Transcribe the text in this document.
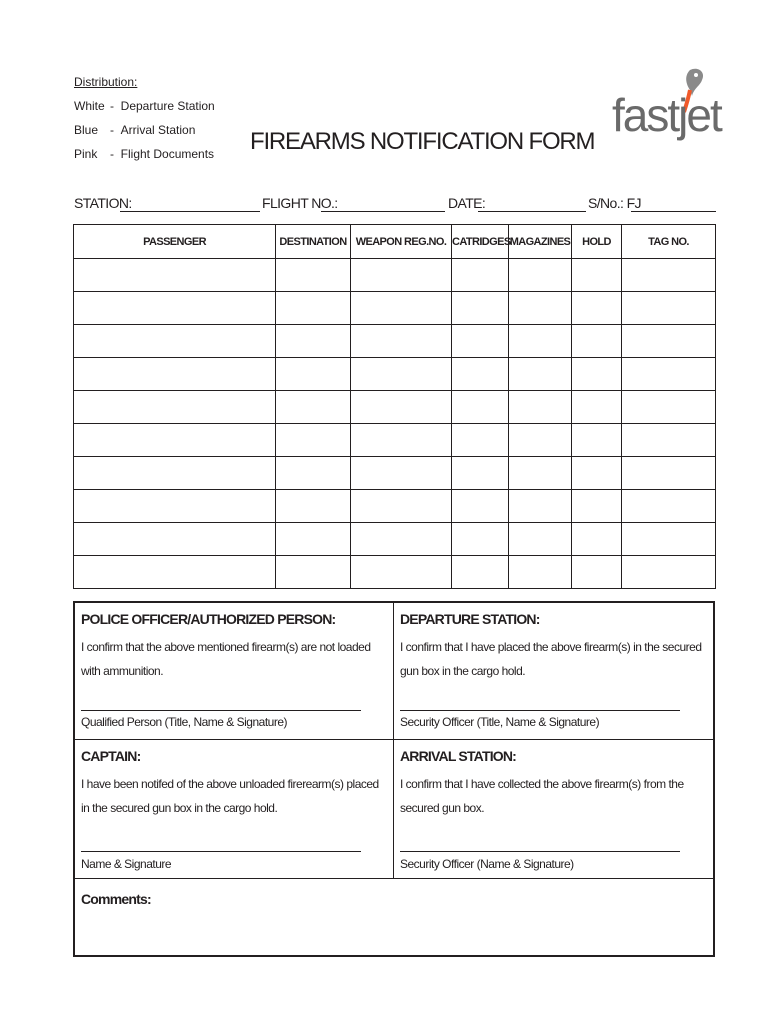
Distribution:
White - Departure Station
Blue - Arrival Station
Pink - Flight Documents FIREARMS NOTIFICATION FORM
fastjet
STATION:	FLIGHT NO.:	DATE:	S/No.: FJ
PASSENGER	DESTINATION	WEAPON REG.NO.	CATRIDGES	MAGAZINES	HOLD	TAG NO.

POLICE OFFICER/AUTHORIZED PERSON:
I confirm that the above mentioned firearm(s) are not loaded with ammunition.
Qualified Person (Title, Name & Signature)
DEPARTURE STATION:
I confirm that I have placed the above firearm(s) in the secured gun box in the cargo hold.
Security Officer (Title, Name & Signature)
CAPTAIN:
I have been notifed of the above unloaded firerearm(s) placed in the secured gun box in the cargo hold.
Name & Signature
ARRIVAL STATION:
I confirm that I have collected the above firearm(s) from the secured gun box.
Security Officer (Name & Signature)
Comments:
